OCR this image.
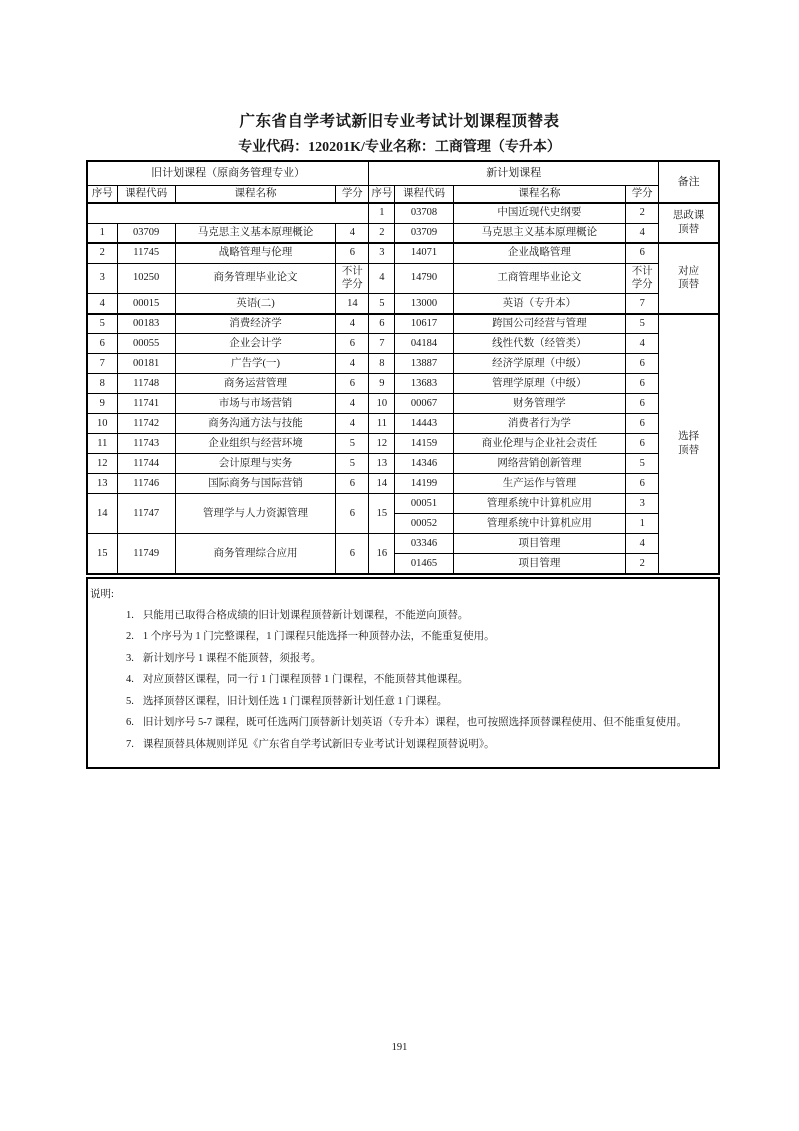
广东省自学考试新旧专业考试计划课程顶替表
专业代码：120201K/专业名称：工商管理（专升本）
旧计划课程（原商务管理专业）				新计划课程				备注
序号	课程代码	课程名称	学分	序号	课程代码	课程名称	学分	
				1	03708	中国近现代史纲要	2	思政课
顶替
1	03709	马克思主义基本原理概论	4	2	03709	马克思主义基本原理概论	4	
2	11745	战略管理与伦理	6	3	14071	企业战略管理	6	对应
顶替
3	10250	商务管理毕业论文	不计学分	4	14790	工商管理毕业论文	不计学分	
4	00015	英语(二)	14	5	13000	英语（专升本）	7	
5	00183	消费经济学	4	6	10617	跨国公司经营与管理	5	选择
顶替
6	00055	企业会计学	6	7	04184	线性代数（经管类）	4	
7	00181	广告学(一)	4	8	13887	经济学原理（中级）	6	
8	11748	商务运营管理	6	9	13683	管理学原理（中级）	6	
9	11741	市场与市场营销	4	10	00067	财务管理学	6	
10	11742	商务沟通方法与技能	4	11	14443	消费者行为学	6	
11	11743	企业组织与经营环境	5	12	14159	商业伦理与企业社会责任	6	
12	11744	会计原理与实务	5	13	14346	网络营销创新管理	5	
13	11746	国际商务与国际营销	6	14	14199	生产运作与管理	6	
14	11747	管理学与人力资源管理	6	15	00051	管理系统中计算机应用	3	
					00052	管理系统中计算机应用	1	
15	11749	商务管理综合应用	6	16	03346	项目管理	4	
					01465	项目管理	2	
说明:

1. 只能用已取得合格成绩的旧计划课程顶替新计划课程，不能逆向顶替。

2. 1 个序号为 1 门完整课程，1 门课程只能选择一种顶替办法，不能重复使用。

3. 新计划序号 1 课程不能顶替，须报考。

4. 对应顶替区课程，同一行 1 门课程顶替 1 门课程，不能顶替其他课程。

5. 选择顶替区课程，旧计划任选 1 门课程顶替新计划任意 1 门课程。

6. 旧计划序号 5-7 课程，既可任选两门顶替新计划英语（专升本）课程，也可按照选择顶替课程使用、但不能重复使用。

7. 课程顶替具体规则详见《广东省自学考试新旧专业考试计划课程顶替说明》。

191
